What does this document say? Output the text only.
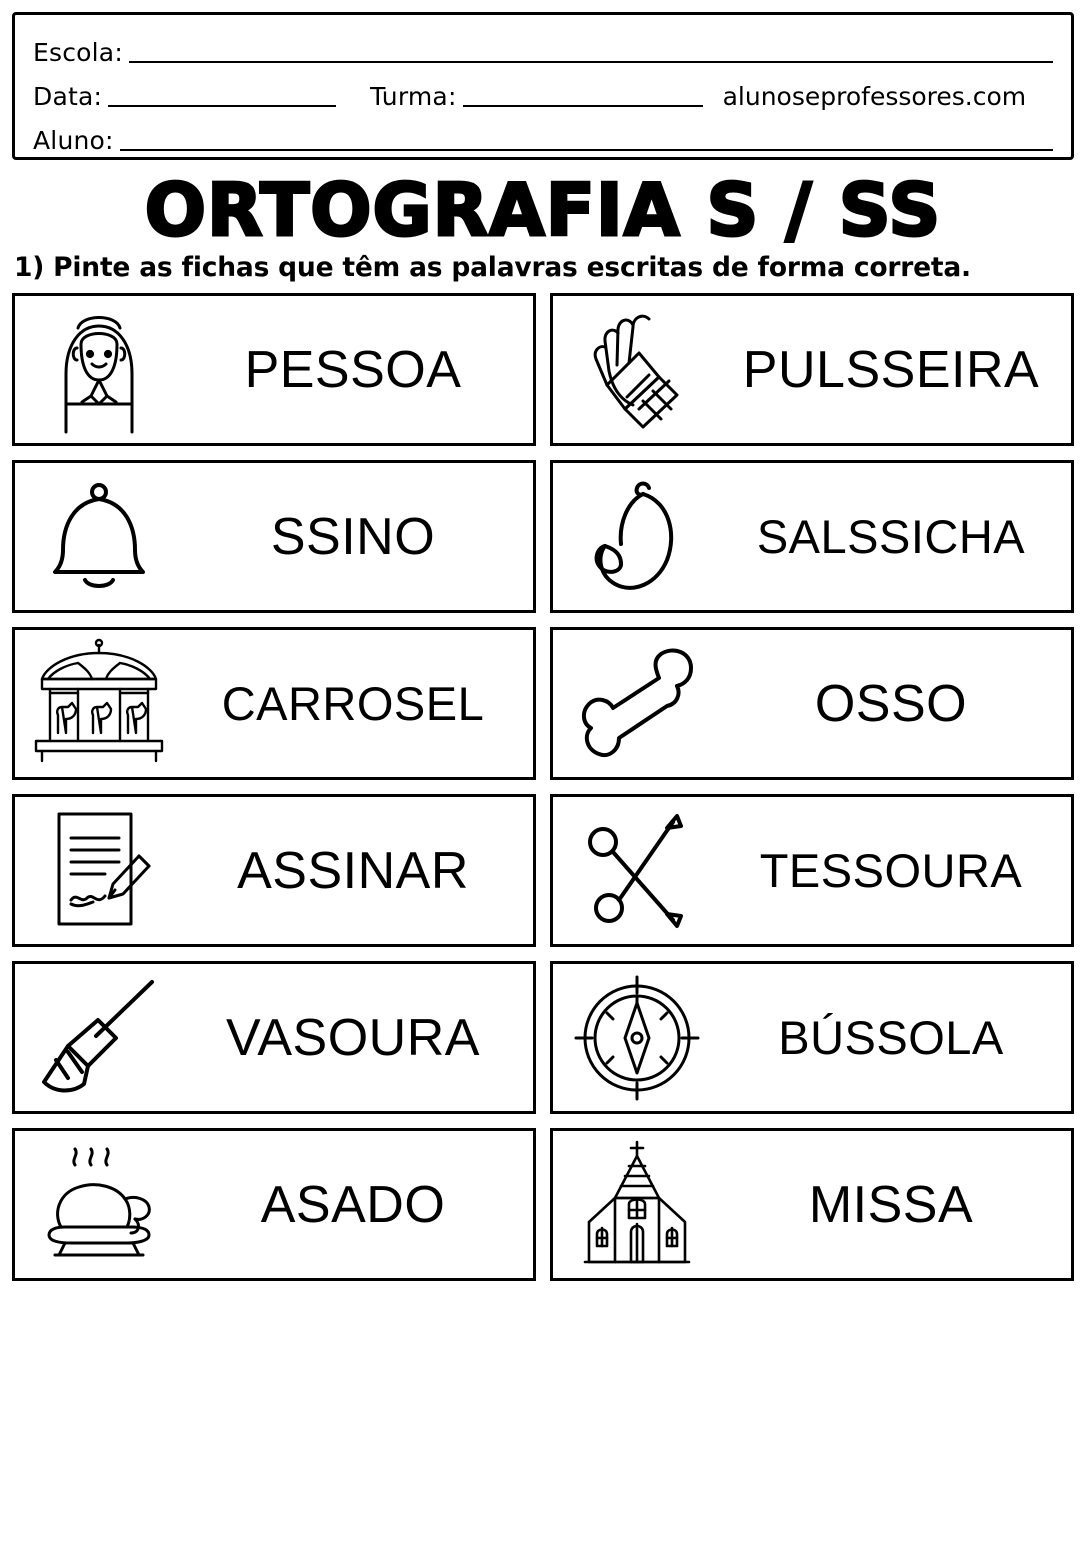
Escola:
Data:	Turma:	alunoseprofessores.com
Aluno:
ORTOGRAFIA S / SS
1) Pinte as fichas que têm as palavras escritas de forma correta.
PESSOA	PULSSEIRA
SSINO	SALSSICHA
CARROSEL	OSSO
ASSINAR	TESSOURA
VASOURA	BÚSSOLA
ASADO	MISSA
